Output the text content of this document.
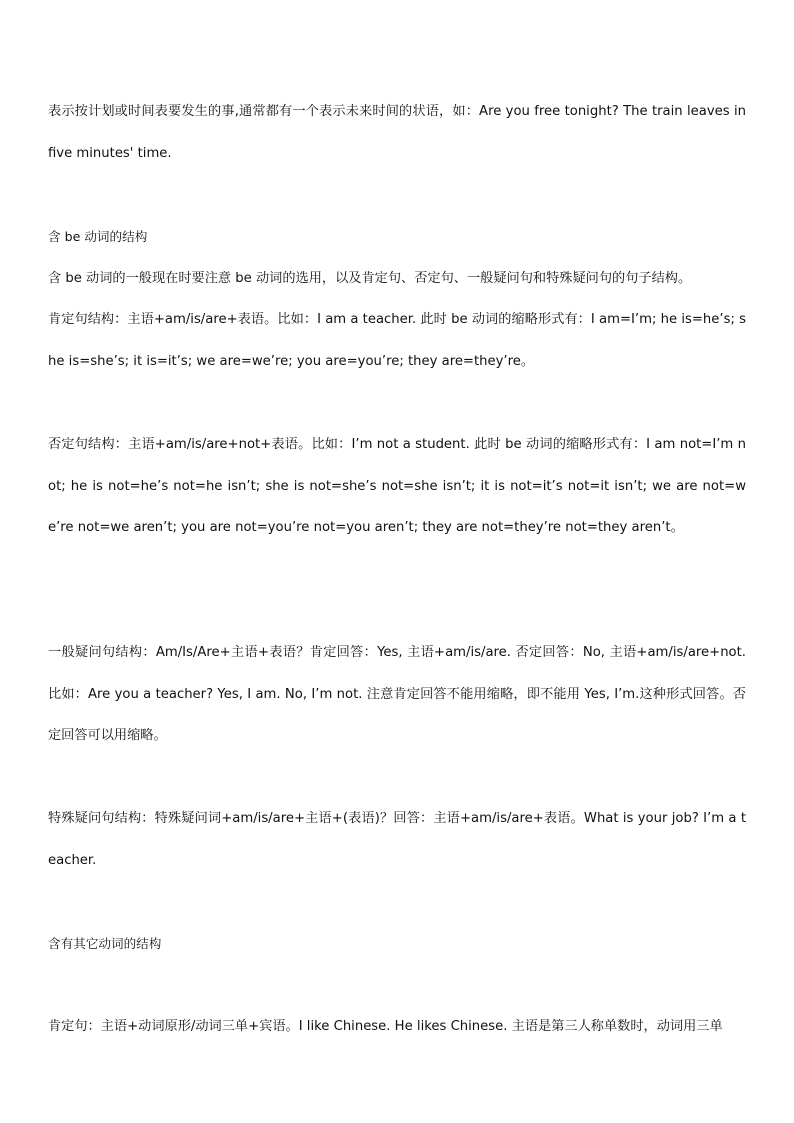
表示按计划或时间表要发生的事,通常都有一个表示未来时间的状语，如：Are you free tonight? The train leaves in five minutes' time.

含 be 动词的结构

含 be 动词的一般现在时要注意 be 动词的选用，以及肯定句、否定句、一般疑问句和特殊疑问句的句子结构。

肯定句结构：主语+am/is/are+表语。比如：I am a teacher. 此时 be 动词的缩略形式有：I am=I’m; he is=he’s; she is=she’s; it is=it’s; we are=we’re; you are=you’re; they are=they’re。

否定句结构：主语+am/is/are+not+表语。比如：I’m not a student. 此时 be 动词的缩略形式有：I am not=I’m not; he is not=he’s not=he isn’t; she is not=she’s not=she isn’t; it is not=it’s not=it isn’t; we are not=we’re not=we aren’t; you are not=you’re not=you aren’t; they are not=they’re not=they aren’t。

一般疑问句结构：Am/Is/Are+主语+表语？肯定回答：Yes, 主语+am/is/are. 否定回答：No, 主语+am/is/are+not. 比如：Are you a teacher? Yes, I am. No, I’m not. 注意肯定回答不能用缩略，即不能用 Yes, I’m.这种形式回答。否定回答可以用缩略。

特殊疑问句结构：特殊疑问词+am/is/are+主语+(表语)？回答：主语+am/is/are+表语。What is your job? I’m a teacher.

含有其它动词的结构

肯定句：主语+动词原形/动词三单+宾语。I like Chinese. He likes Chinese. 主语是第三人称单数时，动词用三单
